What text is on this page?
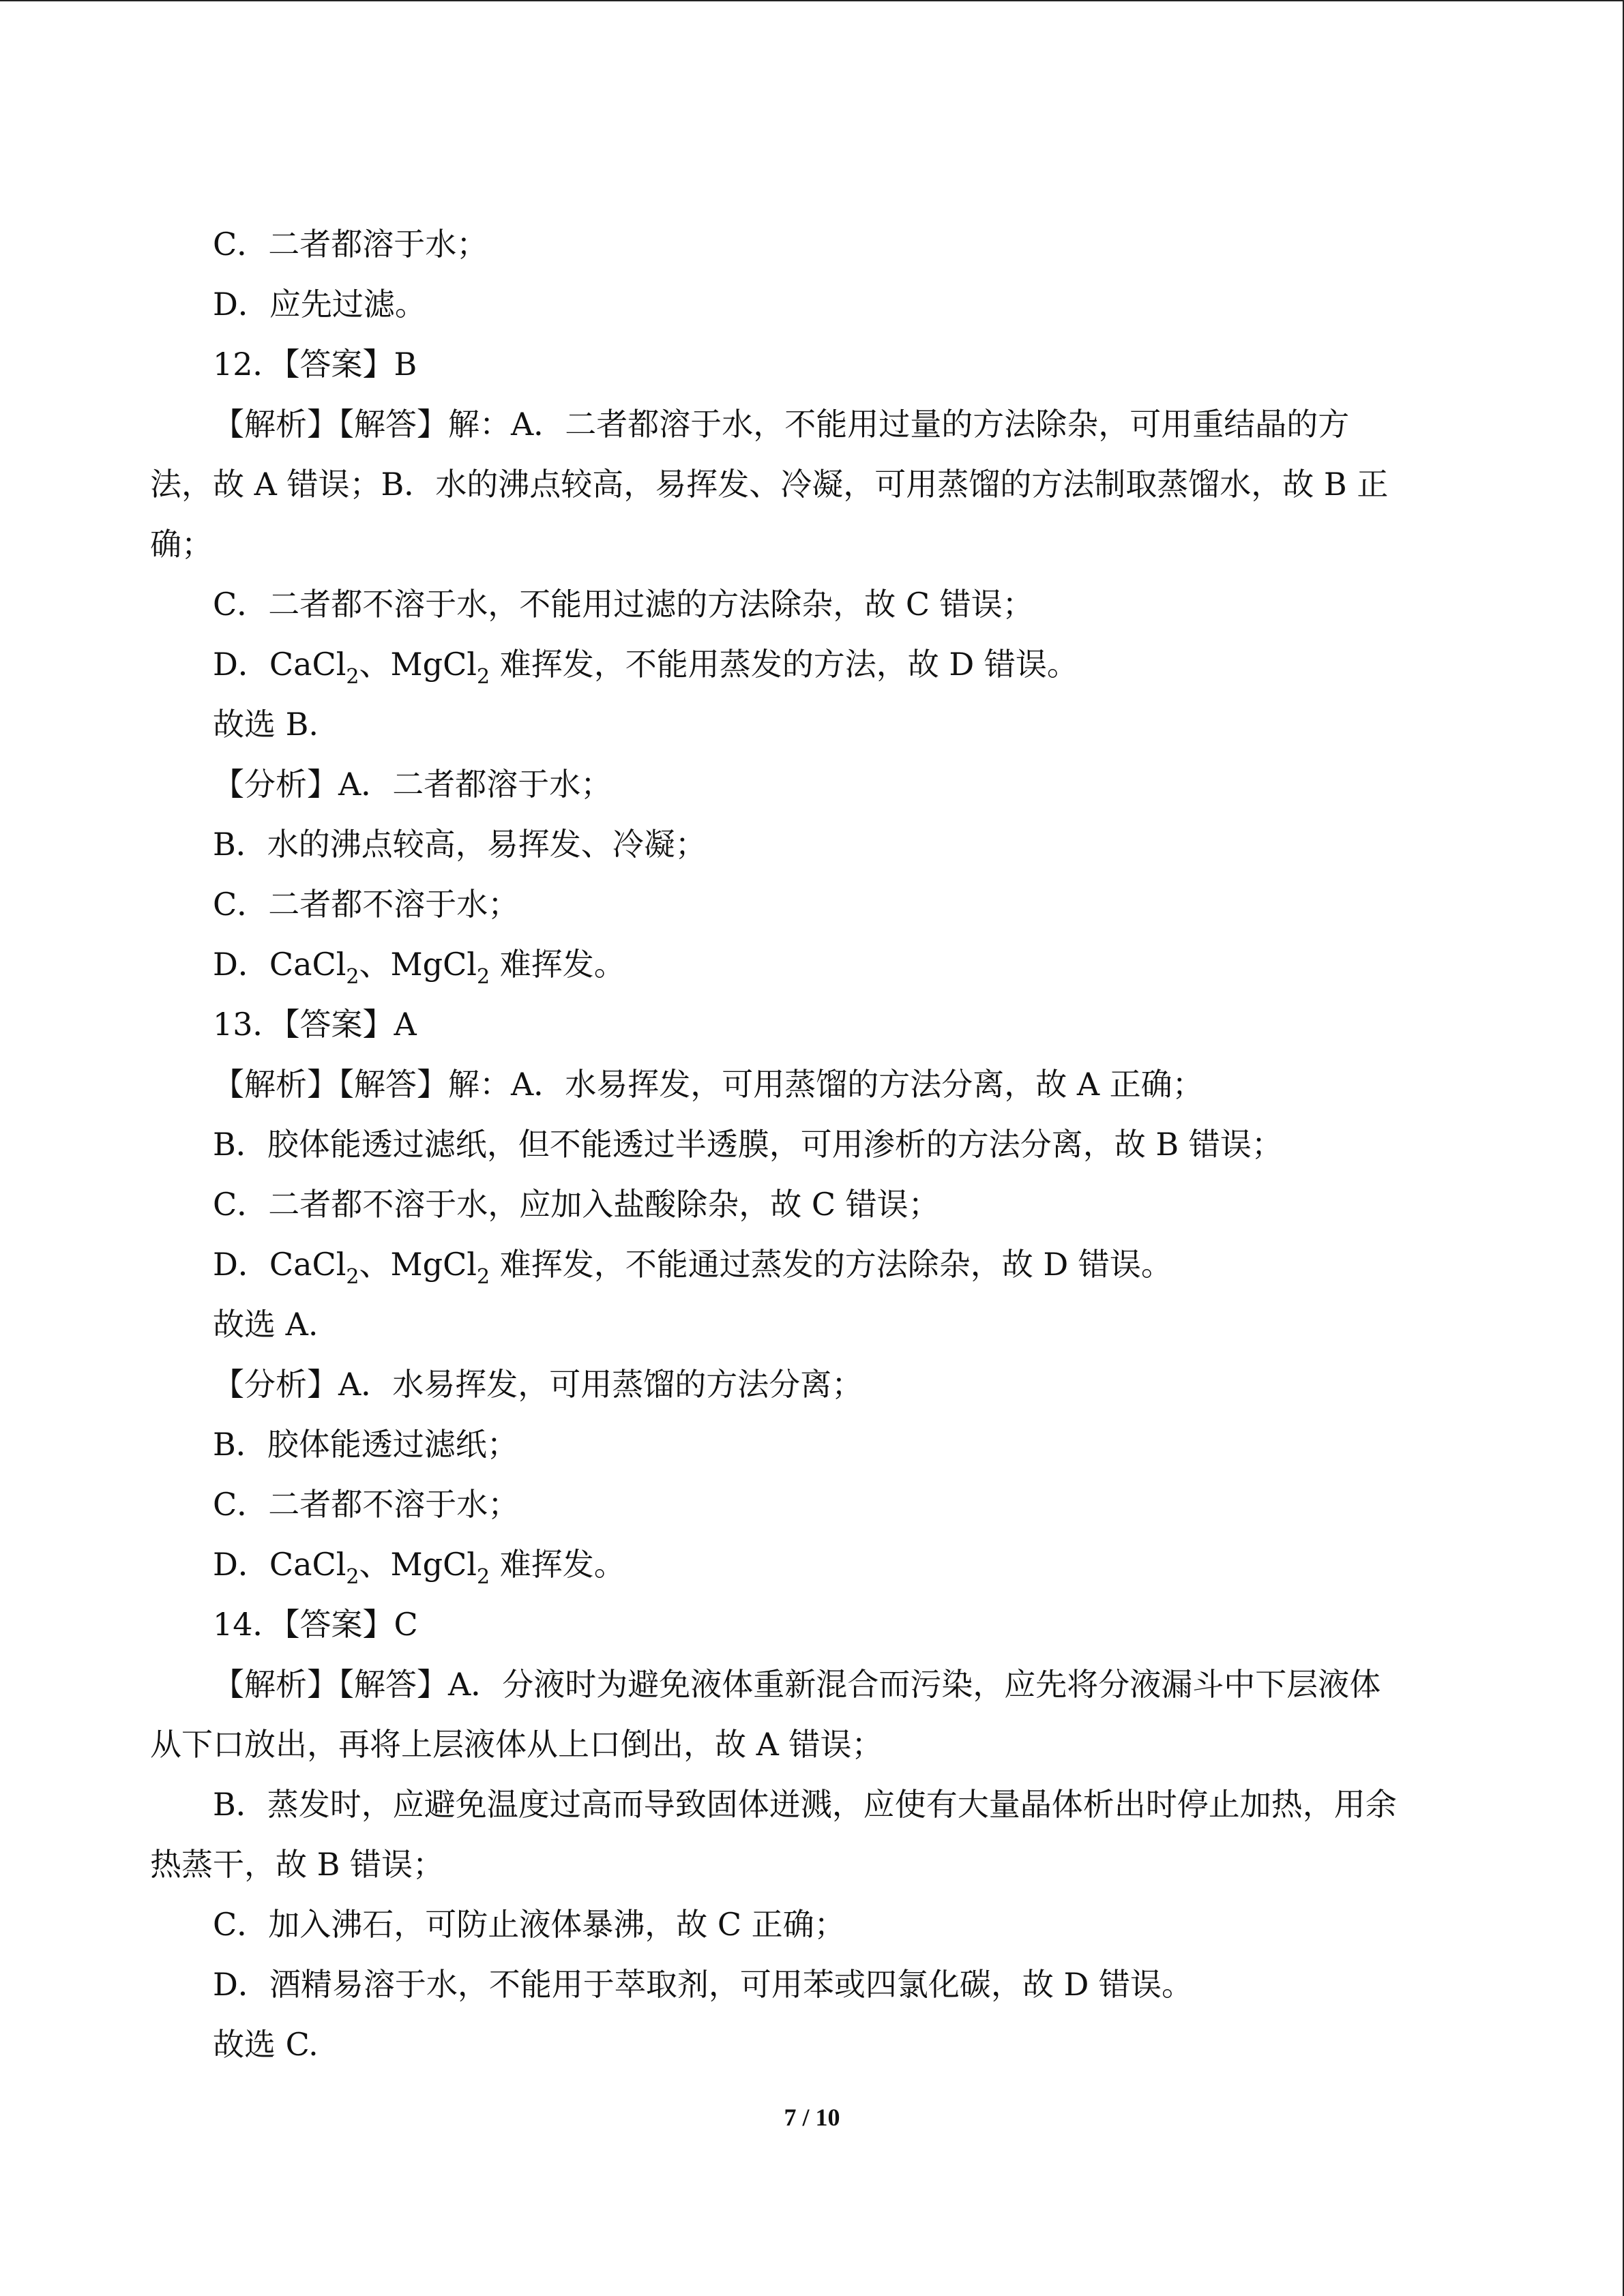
C．二者都溶于水；
D．应先过滤。
12．【答案】B
【解析】【解答】解：A．二者都溶于水，不能用过量的方法除杂，可用重结晶的方
法，故 A 错误；B．水的沸点较高，易挥发、冷凝，可用蒸馏的方法制取蒸馏水，故 B 正
确；
C．二者都不溶于水，不能用过滤的方法除杂，故 C 错误；
D．CaCl$_2$、MgCl$_2$ 难挥发，不能用蒸发的方法，故 D 错误。
故选 B.
【分析】A．二者都溶于水；
B．水的沸点较高，易挥发、冷凝；
C．二者都不溶于水；
D．CaCl$_2$、MgCl$_2$ 难挥发。
13．【答案】A
【解析】【解答】解：A．水易挥发，可用蒸馏的方法分离，故 A 正确；
B．胶体能透过滤纸，但不能透过半透膜，可用渗析的方法分离，故 B 错误；
C．二者都不溶于水，应加入盐酸除杂，故 C 错误；
D．CaCl$_2$、MgCl$_2$ 难挥发，不能通过蒸发的方法除杂，故 D 错误。
故选 A.
【分析】A．水易挥发，可用蒸馏的方法分离；
B．胶体能透过滤纸；
C．二者都不溶于水；
D．CaCl$_2$、MgCl$_2$ 难挥发。
14．【答案】C
【解析】【解答】A．分液时为避免液体重新混合而污染，应先将分液漏斗中下层液体
从下口放出，再将上层液体从上口倒出，故 A 错误；
B．蒸发时，应避免温度过高而导致固体迸溅，应使有大量晶体析出时停止加热，用余
热蒸干，故 B 错误；
C．加入沸石，可防止液体暴沸，故 C 正确；
D．酒精易溶于水，不能用于萃取剂，可用苯或四氯化碳，故 D 错误。
故选 C.
7 / 10
